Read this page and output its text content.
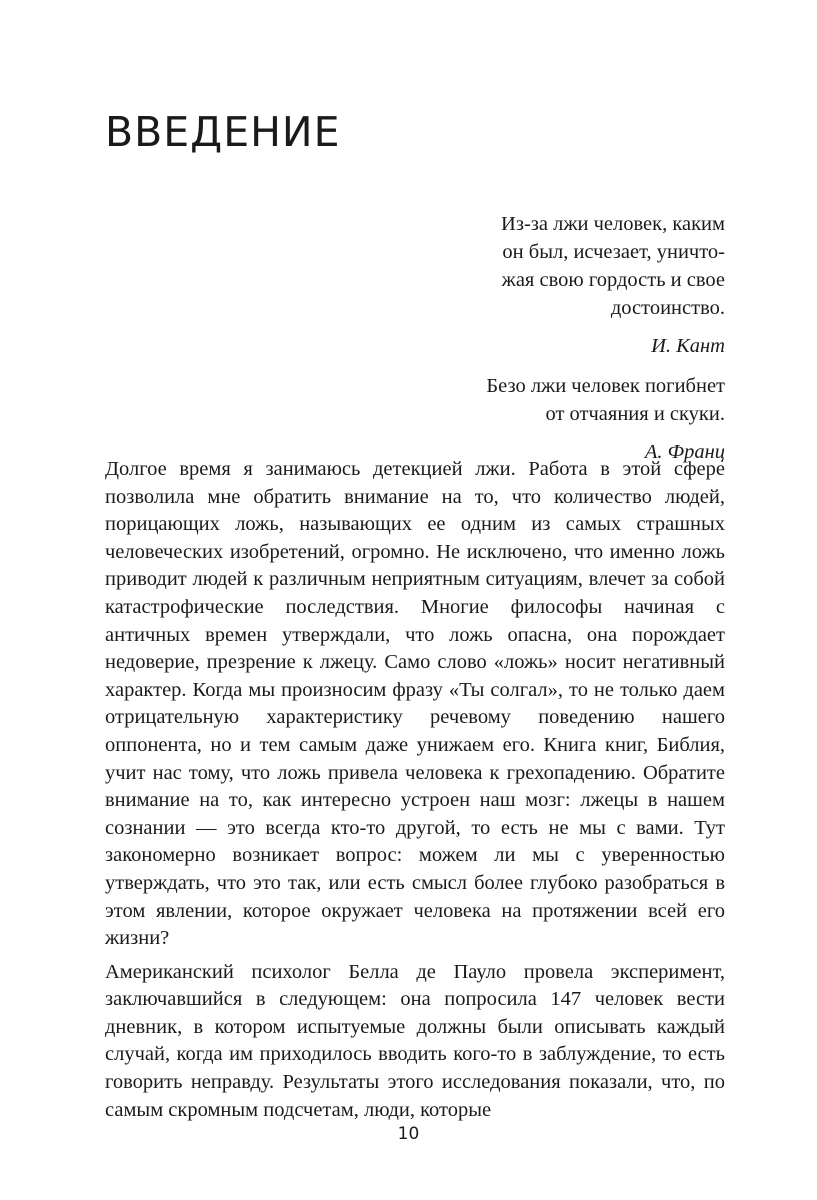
ВВЕДЕНИЕ

Из-за лжи человек, каким
он был, исчезает, уничто-
жая свою гордость и свое
достоинство.

И. Кант

Безо лжи человек погибнет
от отчаяния и скуки.

А. Франц

Долгое время я занимаюсь детекцией лжи. Работа в этой сфере позволила мне обратить внимание на то, что количество людей, порицающих ложь, называющих ее одним из самых страшных человеческих изобретений, огромно. Не исключено, что именно ложь приводит людей к различным неприятным ситуациям, влечет за собой катастрофические последствия. Многие философы начиная с античных времен утверждали, что ложь опасна, она порождает недоверие, презрение к лжецу. Само слово «ложь» носит негативный характер. Когда мы произносим фразу «Ты солгал», то не только даем отрицательную характеристику речевому поведению нашего оппонента, но и тем самым даже унижаем его. Книга книг, Библия, учит нас тому, что ложь привела человека к грехопадению. Обратите внимание на то, как интересно устроен наш мозг: лжецы в нашем сознании — это всегда кто-то другой, то есть не мы с вами. Тут закономерно возникает вопрос: можем ли мы с уверенностью утверждать, что это так, или есть смысл более глубоко разобраться в этом явлении, которое окружает человека на протяжении всей его жизни?

Американский психолог Белла де Пауло провела эксперимент, заключавшийся в следующем: она попросила 147 человек вести дневник, в котором испытуемые должны были описывать каждый случай, когда им приходилось вводить кого-то в заблуждение, то есть говорить неправду. Результаты этого исследования показали, что, по самым скромным подсчетам, люди, которые

10
